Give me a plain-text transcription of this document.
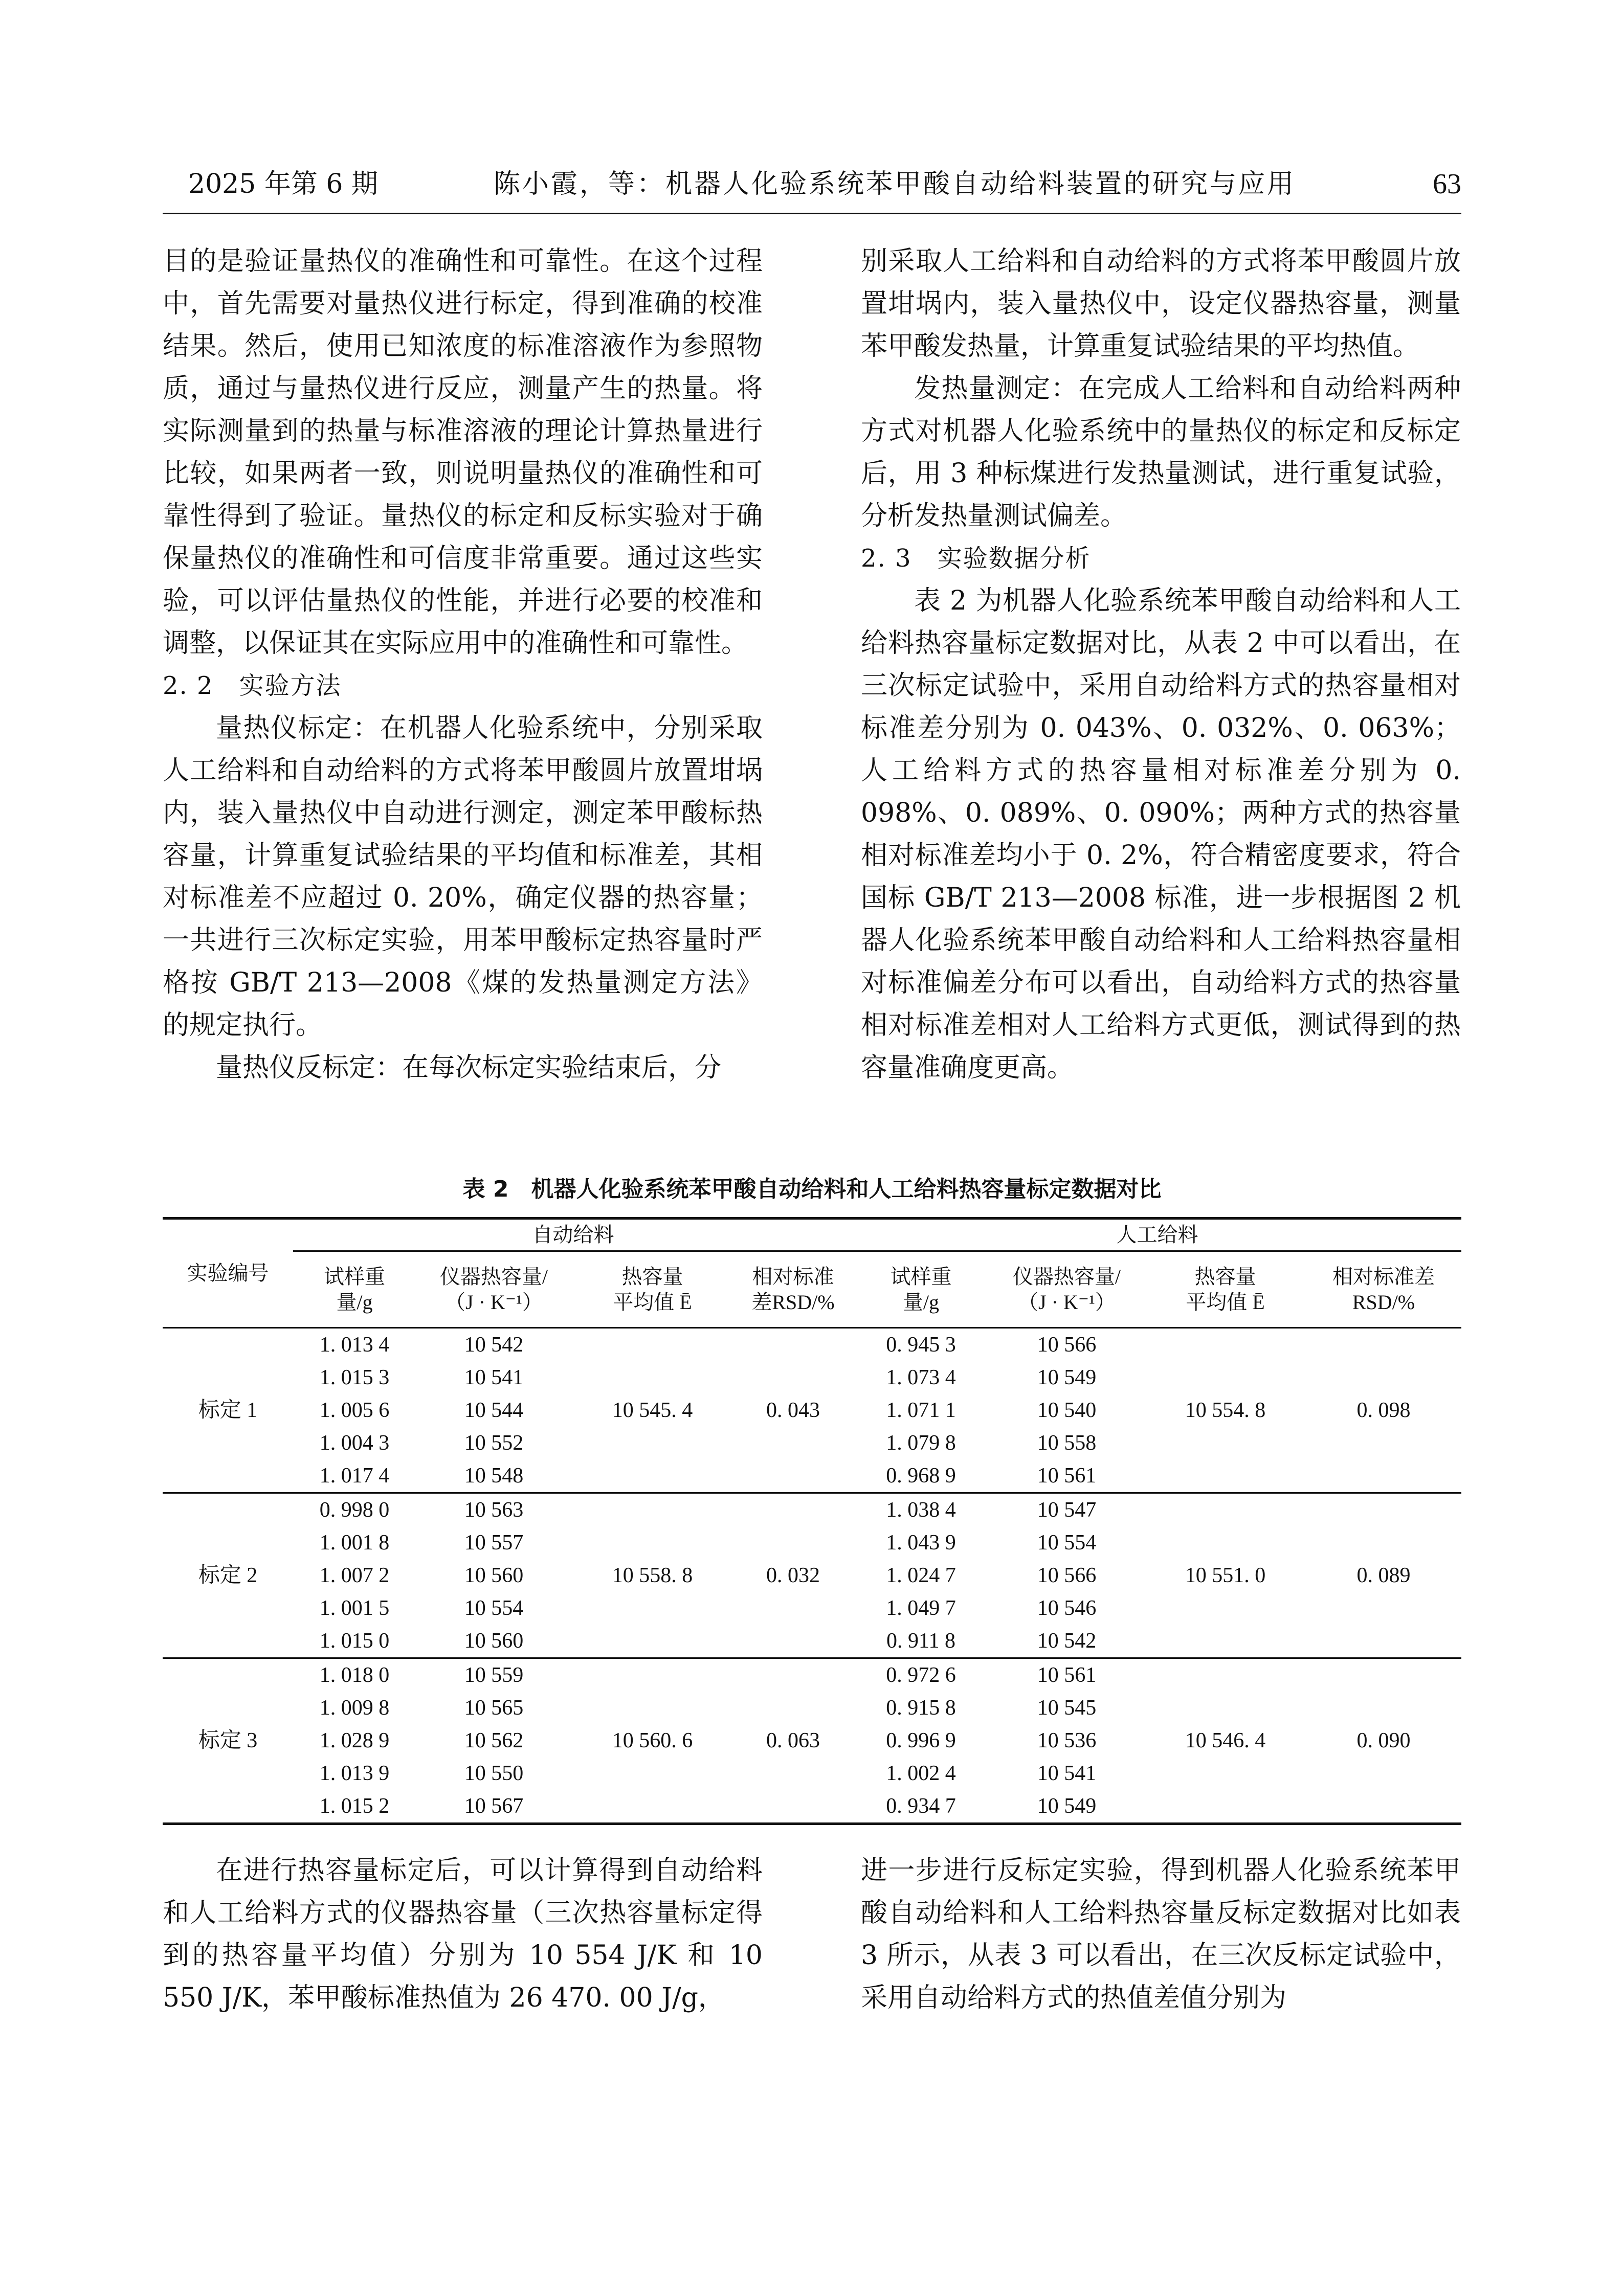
2025 年第 6 期	陈小霞，等：机器人化验系统苯甲酸自动给料装置的研究与应用	63

目的是验证量热仪的准确性和可靠性。在这个过程中，首先需要对量热仪进行标定，得到准确的校准结果。然后，使用已知浓度的标准溶液作为参照物质，通过与量热仪进行反应，测量产生的热量。将实际测量到的热量与标准溶液的理论计算热量进行比较，如果两者一致，则说明量热仪的准确性和可靠性得到了验证。量热仪的标定和反标实验对于确保量热仪的准确性和可信度非常重要。通过这些实验，可以评估量热仪的性能，并进行必要的校准和调整，以保证其在实际应用中的准确性和可靠性。

2. 2　实验方法

量热仪标定：在机器人化验系统中，分别采取人工给料和自动给料的方式将苯甲酸圆片放置坩埚内，装入量热仪中自动进行测定，测定苯甲酸标热容量，计算重复试验结果的平均值和标准差，其相对标准差不应超过 0. 20%，确定仪器的热容量；一共进行三次标定实验，用苯甲酸标定热容量时严格按 GB/T 213—2008《煤的发热量测定方法》的规定执行。

量热仪反标定：在每次标定实验结束后，分

别采取人工给料和自动给料的方式将苯甲酸圆片放置坩埚内，装入量热仪中，设定仪器热容量，测量苯甲酸发热量，计算重复试验结果的平均热值。

发热量测定：在完成人工给料和自动给料两种方式对机器人化验系统中的量热仪的标定和反标定后，用 3 种标煤进行发热量测试，进行重复试验，分析发热量测试偏差。

2. 3　实验数据分析

表 2 为机器人化验系统苯甲酸自动给料和人工给料热容量标定数据对比，从表 2 中可以看出，在三次标定试验中，采用自动给料方式的热容量相对标准差分别为 0. 043%、0. 032%、0. 063%；人工给料方式的热容量相对标准差分别为 0. 098%、0. 089%、0. 090%；两种方式的热容量相对标准差均小于 0. 2%，符合精密度要求，符合国标 GB/T 213—2008 标准，进一步根据图 2 机器人化验系统苯甲酸自动给料和人工给料热容量相对标准偏差分布可以看出，自动给料方式的热容量相对标准差相对人工给料方式更低，测试得到的热容量准确度更高。

表 2　机器人化验系统苯甲酸自动给料和人工给料热容量标定数据对比
实验编号	自动给料				人工给料			
	试样重量/g	仪器热容量/（J · K⁻¹）	热容量平均值 Ē	相对标准差RSD/%	试样重量/g	仪器热容量/（J · K⁻¹）	热容量平均值 Ē	相对标准差RSD/%
标定 1	1. 013 4	10 542	10 545. 4	0. 043	0. 945 3	10 566	10 554. 8	0. 098
	1. 015 3	10 541			1. 073 4	10 549		
	1. 005 6	10 544			1. 071 1	10 540		
	1. 004 3	10 552			1. 079 8	10 558		
	1. 017 4	10 548			0. 968 9	10 561		
标定 2	0. 998 0	10 563	10 558. 8	0. 032	1. 038 4	10 547	10 551. 0	0. 089
	1. 001 8	10 557			1. 043 9	10 554		
	1. 007 2	10 560			1. 024 7	10 566		
	1. 001 5	10 554			1. 049 7	10 546		
	1. 015 0	10 560			0. 911 8	10 542		
标定 3	1. 018 0	10 559	10 560. 6	0. 063	0. 972 6	10 561	10 546. 4	0. 090
	1. 009 8	10 565			0. 915 8	10 545		
	1. 028 9	10 562			0. 996 9	10 536		
	1. 013 9	10 550			1. 002 4	10 541		
	1. 015 2	10 567			0. 934 7	10 549		

在进行热容量标定后，可以计算得到自动给料和人工给料方式的仪器热容量（三次热容量标定得到的热容量平均值）分别为 10 554 J/K 和 10 550 J/K，苯甲酸标准热值为 26 470. 00 J/g，

进一步进行反标定实验，得到机器人化验系统苯甲酸自动给料和人工给料热容量反标定数据对比如表 3 所示，从表 3 可以看出，在三次反标定试验中，采用自动给料方式的热值差值分别为
